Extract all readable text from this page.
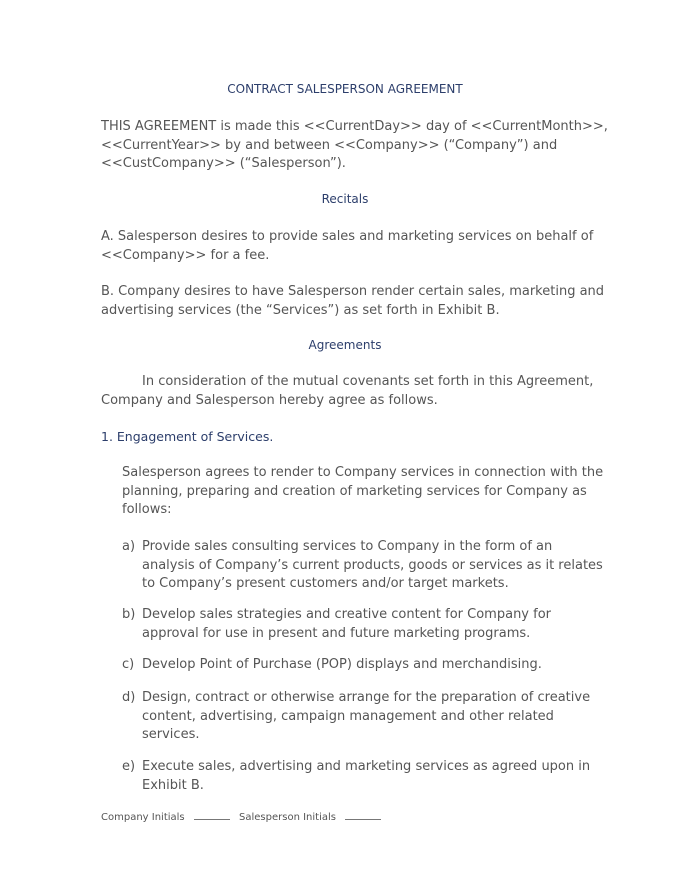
CONTRACT SALESPERSON AGREEMENT
THIS AGREEMENT is made this <<CurrentDay>> day of <<CurrentMonth>>,
<<CurrentYear>> by and between <<Company>> (“Company”) and
<<CustCompany>> (“Salesperson”).
Recitals
A. Salesperson desires to provide sales and marketing services on behalf of
<<Company>> for a fee.
B. Company desires to have Salesperson render certain sales, marketing and
advertising services (the “Services”) as set forth in Exhibit B.
Agreements
In consideration of the mutual covenants set forth in this Agreement,
Company and Salesperson hereby agree as follows.
1. Engagement of Services.
Salesperson agrees to render to Company services in connection with the
planning, preparing and creation of marketing services for Company as
follows:
a) Provide sales consulting services to Company in the form of an
analysis of Company’s current products, goods or services as it relates
to Company’s present customers and/or target markets.
b) Develop sales strategies and creative content for Company for
approval for use in present and future marketing programs.
c) Develop Point of Purchase (POP) displays and merchandising.
d) Design, contract or otherwise arrange for the preparation of creative
content, advertising, campaign management and other related
services.
e) Execute sales, advertising and marketing services as agreed upon in
Exhibit B.
Company Initials	Salesperson Initials
